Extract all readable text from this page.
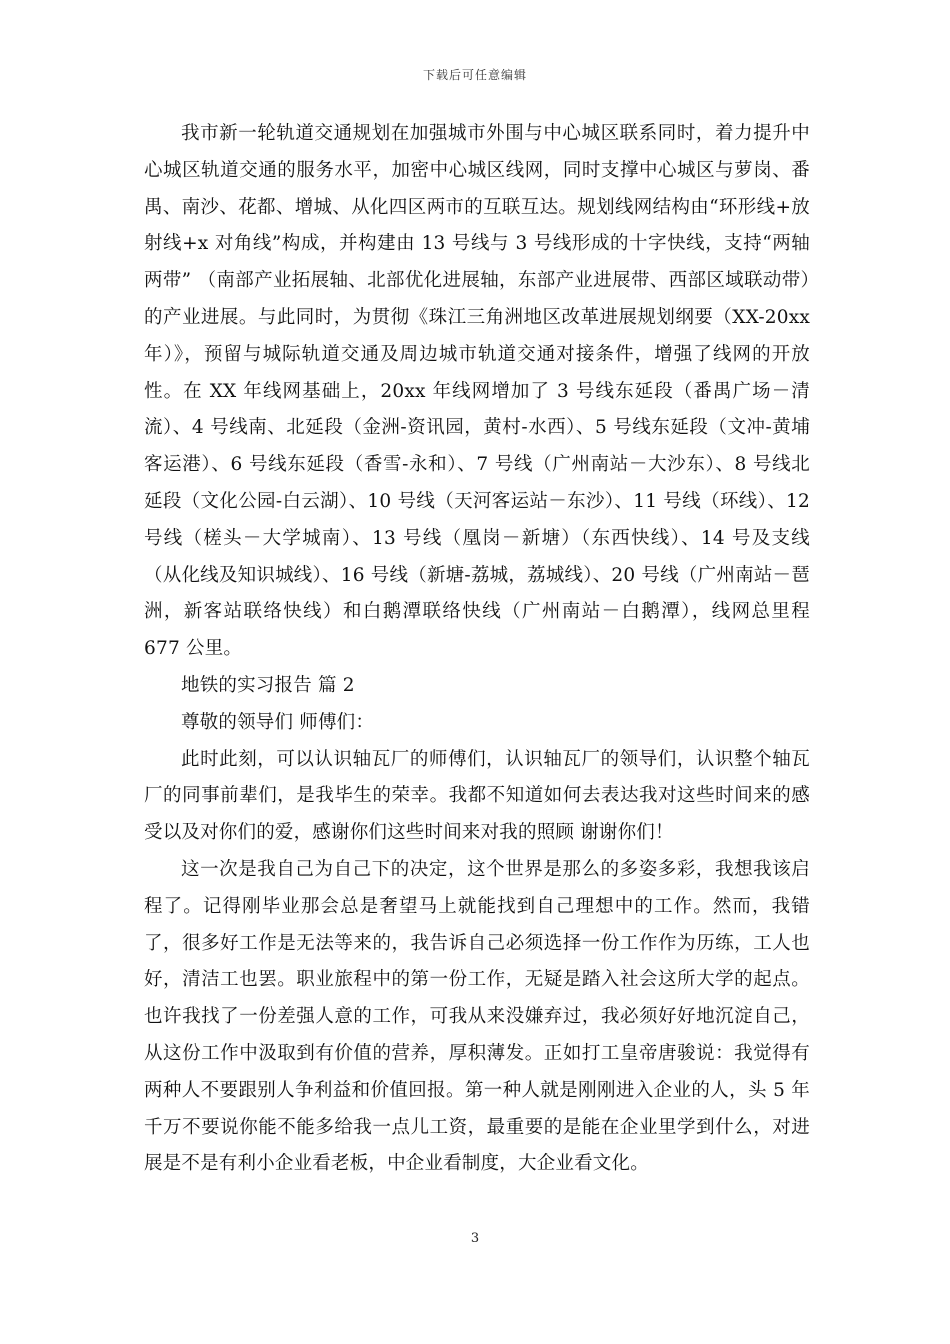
下载后可任意编辑

我市新一轮轨道交通规划在加强城市外围与中心城区联系同时，着力提升中心城区轨道交通的服务水平，加密中心城区线网，同时支撑中心城区与萝岗、番禺、南沙、花都、增城、从化四区两市的互联互达。规划线网结构由“环形线+放射线+x 对角线”构成，并构建由 13 号线与 3 号线形成的十字快线，支持“两轴两带” （南部产业拓展轴、北部优化进展轴，东部产业进展带、西部区域联动带）的产业进展。与此同时，为贯彻《珠江三角洲地区改革进展规划纲要（XX-20xx 年）》，预留与城际轨道交通及周边城市轨道交通对接条件，增强了线网的开放性。在 XX 年线网基础上，20xx 年线网增加了 3 号线东延段（番禺广场－清流）、4 号线南、北延段（金洲-资讯园，黄村-水西）、5 号线东延段（文冲-黄埔客运港）、6 号线东延段（香雪-永和）、7 号线（广州南站－大沙东）、8 号线北延段（文化公园-白云湖）、10 号线（天河客运站－东沙）、11 号线（环线）、12 号线（槎头－大学城南）、13 号线（凰岗－新塘）（东西快线）、14 号及支线（从化线及知识城线）、16 号线（新塘-荔城，荔城线）、20 号线（广州南站－琶洲，新客站联络快线）和白鹅潭联络快线（广州南站－白鹅潭），线网总里程 677 公里。

地铁的实习报告 篇 2

尊敬的领导们 师傅们：

此时此刻，可以认识轴瓦厂的师傅们，认识轴瓦厂的领导们，认识整个轴瓦厂的同事前辈们，是我毕生的荣幸。我都不知道如何去表达我对这些时间来的感受以及对你们的爱，感谢你们这些时间来对我的照顾 谢谢你们！

这一次是我自己为自己下的决定，这个世界是那么的多姿多彩，我想我该启程了。记得刚毕业那会总是奢望马上就能找到自己理想中的工作。然而，我错了，很多好工作是无法等来的，我告诉自己必须选择一份工作作为历练，工人也好，清洁工也罢。职业旅程中的第一份工作，无疑是踏入社会这所大学的起点。也许我找了一份差强人意的工作，可我从来没嫌弃过，我必须好好地沉淀自己，从这份工作中汲取到有价值的营养，厚积薄发。正如打工皇帝唐骏说：我觉得有两种人不要跟别人争利益和价值回报。第一种人就是刚刚进入企业的人，头 5 年千万不要说你能不能多给我一点儿工资，最重要的是能在企业里学到什么，对进展是不是有利小企业看老板，中企业看制度，大企业看文化。

3
